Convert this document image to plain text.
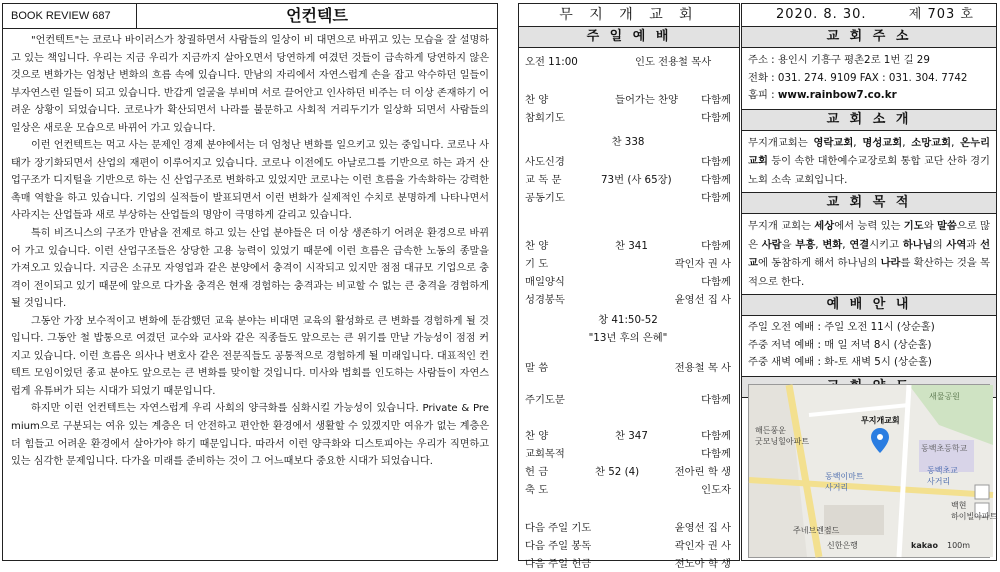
BOOK REVIEW 687	언컨텍트

"언컨텍트"는 코로나 바이러스가 창궐하면서 사람들의 일상이 비 대면으로 바뀌고 있는 모습을 잘 설명하고 있는 책입니다. 우리는 지금 우리가 지금까지 살아오면서 당연하게 여겼던 것들이 급속하게 당연하지 않은 것으로 변화가는 엄청난 변화의 흐름 속에 있습니다. 만남의 자리에서 자연스럽게 손을 잡고 악수하던 일들이 부자연스런 일들이 되고 있습니다. 반갑게 얼굴을 부비며 서로 끌어안고 인사하던 비주는 더 이상 존재하기 어려운 상황이 되었습니다. 코로나가 확산되면서 나라를 불문하고 사회적 거리두기가 일상화 되면서 사람들의 일상은 새로운 모습으로 바뀌어 가고 있습니다.

이런 언컨텍트는 먹고 사는 문제인 경제 분야에서는 더 엄청난 변화를 일으키고 있는 중입니다. 코로나 사태가 장기화되면서 산업의 재편이 이루어지고 있습니다. 코로나 이전에도 아날로그를 기반으로 하는 과거 산업구조가 디지털을 기반으로 하는 신 산업구조로 변화하고 있었지만 코로나는 이런 흐름을 가속화하는 강력한 촉매 역할을 하고 있습니다. 기업의 실적들이 발표되면서 이런 변화가 실제적인 수치로 분명하게 나타나면서 사라지는 산업들과 새로 부상하는 산업들의 명암이 극명하게 갈리고 있습니다.

특히 비즈니스의 구조가 만남을 전제로 하고 있는 산업 분야들은 더 이상 생존하기 어려운 환경으로 바뀌어 가고 있습니다. 이런 산업구조들은 상당한 고용 능력이 있었기 때문에 이런 흐름은 급속한 노동의 종말을 가져오고 있습니다. 지금은 소규모 자영업과 같은 분양에서 충격이 시작되고 있지만 점점 대규모 기업으로 충격이 전이되고 있기 때문에 앞으로 다가올 충격은 현재 경험하는 충격과는 비교할 수 없는 큰 충격을 경험하게 될 것입니다.

그동안 가장 보수적이고 변화에 둔감했던 교육 분야는 비대면 교육의 활성화로 큰 변화를 경험하게 될 것입니다. 그동안 철 밥통으로 여겼던 교수와 교사와 같은 직종들도 앞으로는 큰 위기를 만날 가능성이 점점 커지고 있습니다. 이런 흐름은 의사나 변호사 같은 전문직들도 공통적으로 경험하게 될 미래입니다. 대표적인 컨텍트 모임이었던 종교 분야도 앞으로는 큰 변화를 맞이할 것입니다. 미사와 법회를 인도하는 사람들이 자연스럽게 유튜버가 되는 시대가 되었기 때문입니다.

하지만 이런 언컨텍트는 자연스럽게 우리 사회의 양극화를 심화시킬 가능성이 있습니다. Private & Premium으로 구분되는 여유 있는 계층은 더 안전하고 편안한 환경에서 생활할 수 있겠지만 여유가 없는 계층은 더 힘들고 어려운 환경에서 살아가야 하기 때문입니다. 따라서 이런 양극화와 디스토피아는 우리가 직면하고 있는 심각한 문제입니다. 다가올 미래를 준비하는 것이 그 어느때보다 중요한 시대가 되었습니다.

무 지 개 교 회
주 일 예 배
오전 11:00	인도 전용철 목사
찬 양	들어가는 찬양 다함께
참회기도	다함께
찬 338
사도신경	다함께
교 독 문	73번 (사 65장)	다함께
공동기도	다함께
찬 양	찬 341	다함께
기 도	곽인자 권 사
매일양식	다함께
성경봉독	윤영선 집 사
창 41:50-52
"13년 후의 은혜"
말 씀	전용철 목 사
주기도문	다함께
찬 양	찬 347	다함께
교회목적	다함께
헌 금	찬 52 (4)	전아린 학 생
축 도	인도자
다음 주일 기도	윤영선 집 사
다음 주일 봉독	곽인자 권 사
다음 주일 헌금	전노아 학 생
2020. 8. 30.	제 703 호
교 회 주 소
주소 : 용인시 기흥구 평촌2로 1번 길 29
전화 : 031. 274. 9109 FAX : 031. 304. 7742
홈피 : www.rainbow7.co.kr
교 회 소 개
무지개교회는 영락교회, 명성교회, 소망교회, 온누리 교회 등이 속한 대한예수교장로회 통합 교단 산하 경기노회 소속 교회입니다.
교 회 목 적
무지개 교회는 세상에서 능력 있는 기도와 말씀으로 많은 사람을 부흥, 변화, 연결시키고 하나님의 사역과 선교에 동참하게 해서 하나님의 나라를 확산하는 것을 목적으로 한다.
예 배 안 내
주일 오전 예배 : 주일 오전 11시 (상순홀)
주중 저녁 예배 : 매 일 저녁 8시 (상순홀)
주중 새벽 예배 : 화-토 새벽 5시 (상순홀)
무지개교회
새물공원
해든풍운
굿모닝힐아파트
동백초등학교
동백이마트
사거리
동백초교
사거리
주네브렌점드
신한은행
백현
하이빌아파트
kakao 100m
